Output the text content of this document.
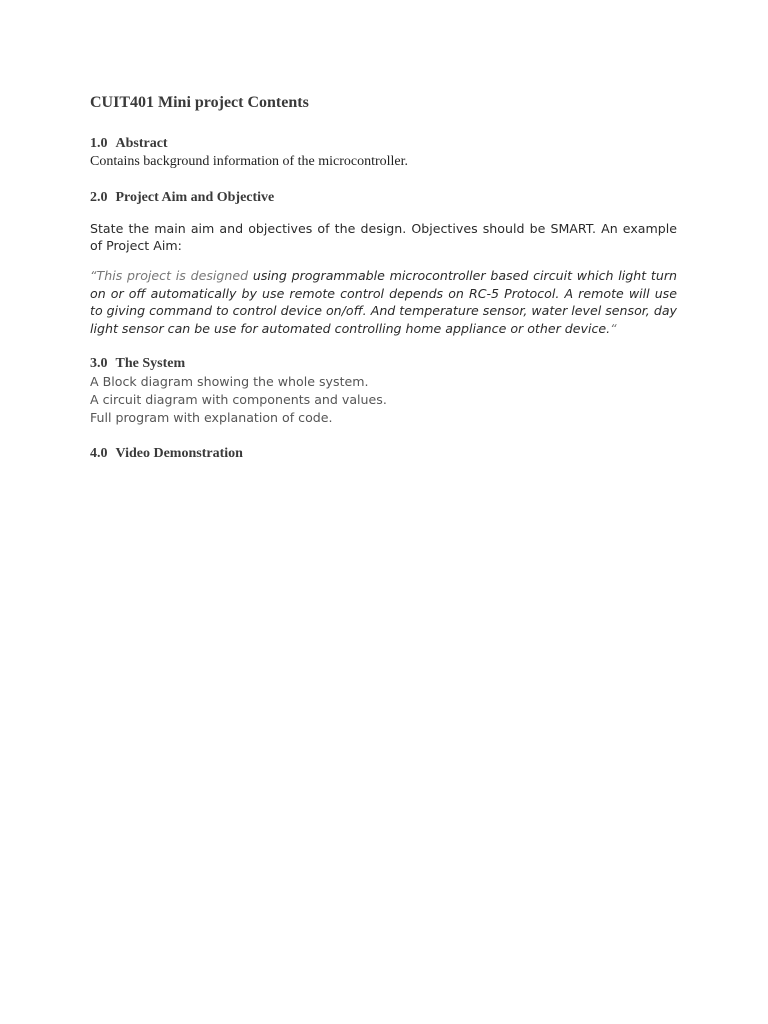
CUIT401 Mini project Contents

1.0 Abstract

Contains background information of the microcontroller.

2.0 Project Aim and Objective

State the main aim and objectives of the design. Objectives should be SMART. An example of Project Aim:

“This project is designed using programmable microcontroller based circuit which light turn on or off automatically by use remote control depends on RC-5 Protocol. A remote will use to giving command to control device on/off. And temperature sensor, water level sensor, day light sensor can be use for automated controlling home appliance or other device.“

3.0 The System

A Block diagram showing the whole system.

A circuit diagram with components and values.

Full program with explanation of code.

4.0 Video Demonstration
